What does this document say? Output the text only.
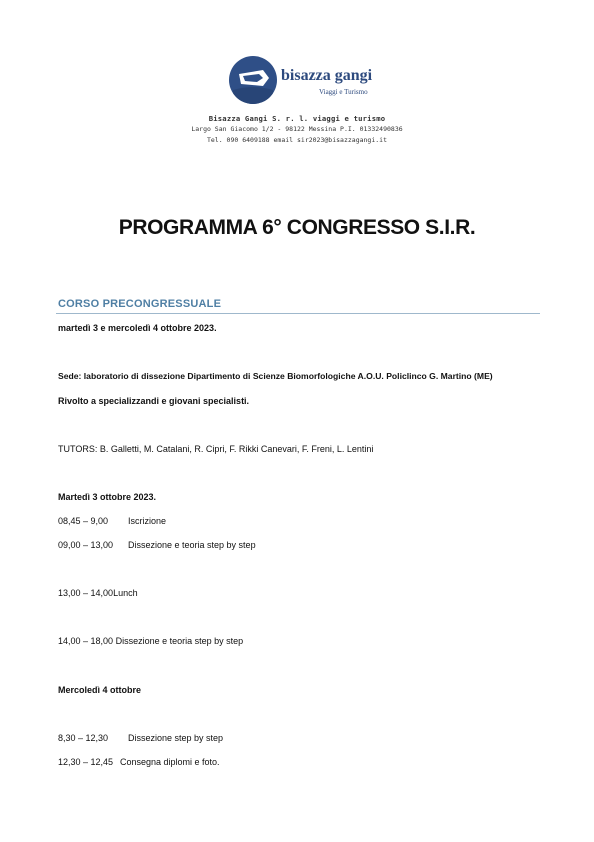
bisazza gangi
Viaggi e Turismo
Bisazza Gangi S. r. l. viaggi e turismo
Largo San Giacomo 1/2 - 98122 Messina P.I. 01332490836
Tel. 090 6409188 email sir2023@bisazzagangi.it
PROGRAMMA 6° CONGRESSO S.I.R.
CORSO PRECONGRESSUALE
martedì 3 e mercoledì 4 ottobre 2023.
Sede: laboratorio di dissezione Dipartimento di Scienze Biomorfologiche A.O.U. Policlinco G. Martino (ME)
Rivolto a specializzandi e giovani specialisti.
TUTORS: B. Galletti, M. Catalani, R. Cipri, F. Rikki Canevari, F. Freni, L. Lentini
Martedì 3 ottobre 2023.
08,45 – 9,00 Iscrizione
09,00 – 13,00 Dissezione e teoria step by step
13,00 – 14,00Lunch
14,00 – 18,00 Dissezione e teoria step by step
Mercoledì 4 ottobre
8,30 – 12,30 Dissezione step by step
12,30 – 12,45 Consegna diplomi e foto.
